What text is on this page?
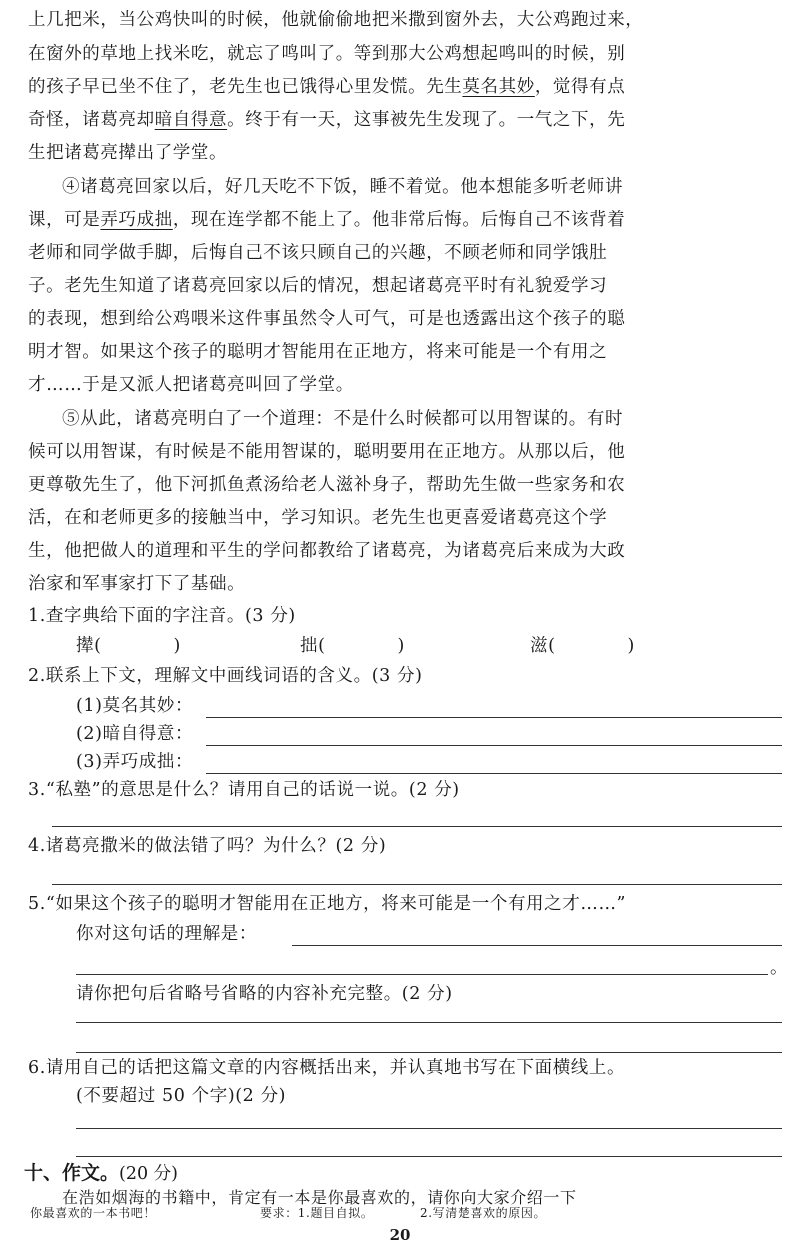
上几把米，当公鸡快叫的时候，他就偷偷地把米撒到窗外去，大公鸡跑过来，
在窗外的草地上找米吃，就忘了鸣叫了。等到那大公鸡想起鸣叫的时候，别
的孩子早已坐不住了，老先生也已饿得心里发慌。先生莫名其妙，觉得有点
奇怪，诸葛亮却暗自得意。终于有一天，这事被先生发现了。一气之下，先
生把诸葛亮撵出了学堂。
④诸葛亮回家以后，好几天吃不下饭，睡不着觉。他本想能多听老师讲
课，可是弄巧成拙，现在连学都不能上了。他非常后悔。后悔自己不该背着
老师和同学做手脚，后悔自己不该只顾自己的兴趣，不顾老师和同学饿肚
子。老先生知道了诸葛亮回家以后的情况，想起诸葛亮平时有礼貌爱学习
的表现，想到给公鸡喂米这件事虽然令人可气，可是也透露出这个孩子的聪
明才智。如果这个孩子的聪明才智能用在正地方，将来可能是一个有用之
才……于是又派人把诸葛亮叫回了学堂。
⑤从此，诸葛亮明白了一个道理：不是什么时候都可以用智谋的。有时
候可以用智谋，有时候是不能用智谋的，聪明要用在正地方。从那以后，他
更尊敬先生了，他下河抓鱼煮汤给老人滋补身子，帮助先生做一些家务和农
活，在和老师更多的接触当中，学习知识。老先生也更喜爱诸葛亮这个学
生，他把做人的道理和平生的学问都教给了诸葛亮，为诸葛亮后来成为大政
治家和军事家打下了基础。
1.查字典给下面的字注音。(3 分)
撵(	)	拙(	)	滋(	)
2.联系上下文，理解文中画线词语的含义。(3 分)
(1)莫名其妙：
(2)暗自得意：
(3)弄巧成拙：
3.“私塾”的意思是什么？请用自己的话说一说。(2 分)
4.诸葛亮撒米的做法错了吗？为什么？(2 分)
5.“如果这个孩子的聪明才智能用在正地方，将来可能是一个有用之才……”
你对这句话的理解是：
。
请你把句后省略号省略的内容补充完整。(2 分)
6.请用自己的话把这篇文章的内容概括出来，并认真地书写在下面横线上。
(不要超过 50 个字)(2 分)
十、作文。(20 分)
在浩如烟海的书籍中，肯定有一本是你最喜欢的，请你向大家介绍一下
你最喜欢的一本书吧！	要求：1.题目自拟。	2.写清楚喜欢的原因。
20
